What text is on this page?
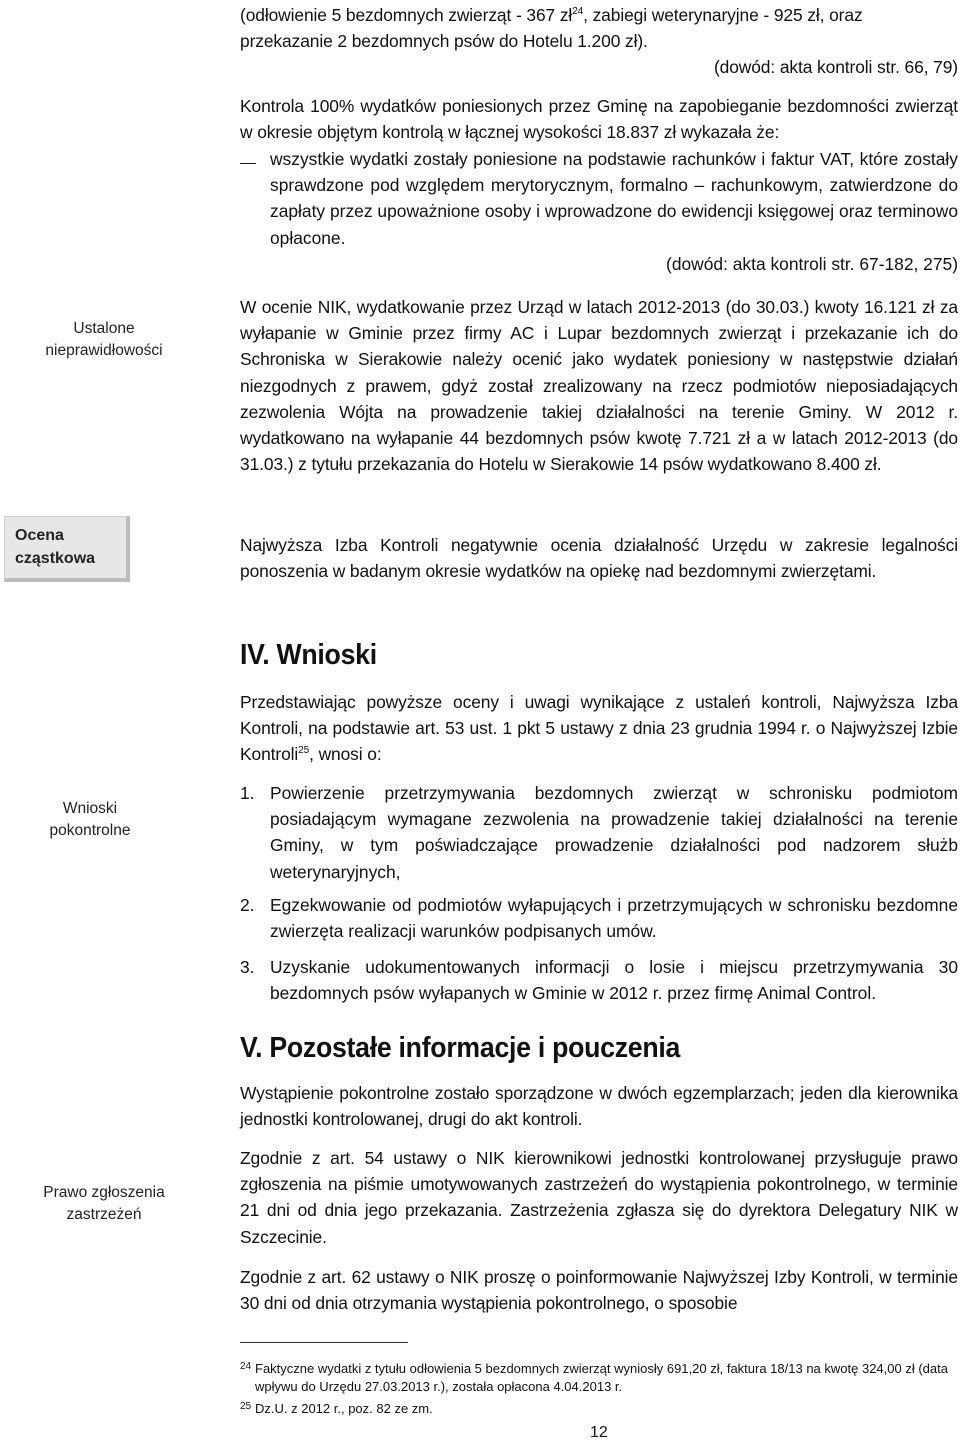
Ustalone nieprawidłowości
Ocena cząstkowa
Wnioski pokontrolne
Prawo zgłoszenia zastrzeżeń

(odłowienie 5 bezdomnych zwierząt - 367 $zł^{24}$, zabiegi weterynaryjne - 925 zł, oraz
przekazanie 2 bezdomnych psów do Hotelu 1.200 zł).

(dowód: akta kontroli str. 66, 79)

Kontrola 100% wydatków poniesionych przez Gminę na zapobieganie bezdomności zwierząt w okresie objętym kontrolą w łącznej wysokości 18.837 zł wykazała że:

wszystkie wydatki zostały poniesione na podstawie rachunków i faktur VAT, które zostały sprawdzone pod względem merytorycznym, formalno – rachunkowym, zatwierdzone do zapłaty przez upoważnione osoby i wprowadzone do ewidencji księgowej oraz terminowo opłacone.

(dowód: akta kontroli str. 67-182, 275)

W ocenie NIK, wydatkowanie przez Urząd w latach 2012-2013 (do 30.03.) kwoty 16.121 zł za wyłapanie w Gminie przez firmy AC i Lupar bezdomnych zwierząt i przekazanie ich do Schroniska w Sierakowie należy ocenić jako wydatek poniesiony w następstwie działań niezgodnych z prawem, gdyż został zrealizowany na rzecz podmiotów nieposiadających zezwolenia Wójta na prowadzenie takiej działalności na terenie Gminy. W 2012 r. wydatkowano na wyłapanie 44 bezdomnych psów kwotę 7.721 zł a w latach 2012-2013 (do 31.03.) z tytułu przekazania do Hotelu w Sierakowie 14 psów wydatkowano 8.400 zł.

Najwyższa Izba Kontroli negatywnie ocenia działalność Urzędu w zakresie legalności ponoszenia w badanym okresie wydatków na opiekę nad bezdomnymi zwierzętami.

IV. Wnioski

Przedstawiając powyższe oceny i uwagi wynikające z ustaleń kontroli, Najwyższa Izba Kontroli, na podstawie art. 53 ust. 1 pkt 5 ustawy z dnia 23 grudnia 1994 r. o Najwyższej Izbie Kontroli$^{25}$, wnosi o:

1. Powierzenie przetrzymywania bezdomnych zwierząt w schronisku podmiotom posiadającym wymagane zezwolenia na prowadzenie takiej działalności na terenie Gminy, w tym poświadczające prowadzenie działalności pod nadzorem służb weterynaryjnych,
2. Egzekwowanie od podmiotów wyłapujących i przetrzymujących w schronisku bezdomne zwierzęta realizacji warunków podpisanych umów.
3. Uzyskanie udokumentowanych informacji o losie i miejscu przetrzymywania 30 bezdomnych psów wyłapanych w Gminie w 2012 r. przez firmę Animal Control.
V. Pozostałe informacje i pouczenia

Wystąpienie pokontrolne zostało sporządzone w dwóch egzemplarzach; jeden dla kierownika jednostki kontrolowanej, drugi do akt kontroli.

Zgodnie z art. 54 ustawy o NIK kierownikowi jednostki kontrolowanej przysługuje prawo zgłoszenia na piśmie umotywowanych zastrzeżeń do wystąpienia pokontrolnego, w terminie 21 dni od dnia jego przekazania. Zastrzeżenia zgłasza się do dyrektora Delegatury NIK w Szczecinie.

Zgodnie z art. 62 ustawy o NIK proszę o poinformowanie Najwyższej Izby Kontroli, w terminie 30 dni od dnia otrzymania wystąpienia pokontrolnego, o sposobie

24 Faktyczne wydatki z tytułu odłowienia 5 bezdomnych zwierząt wyniosły 691,20 zł, faktura 18/13 na kwotę 324,00 zł (data wpływu do Urzędu 27.03.2013 r.), została opłacona 4.04.2013 r.
25 Dz.U. z 2012 r., poz. 82 ze zm.
12
